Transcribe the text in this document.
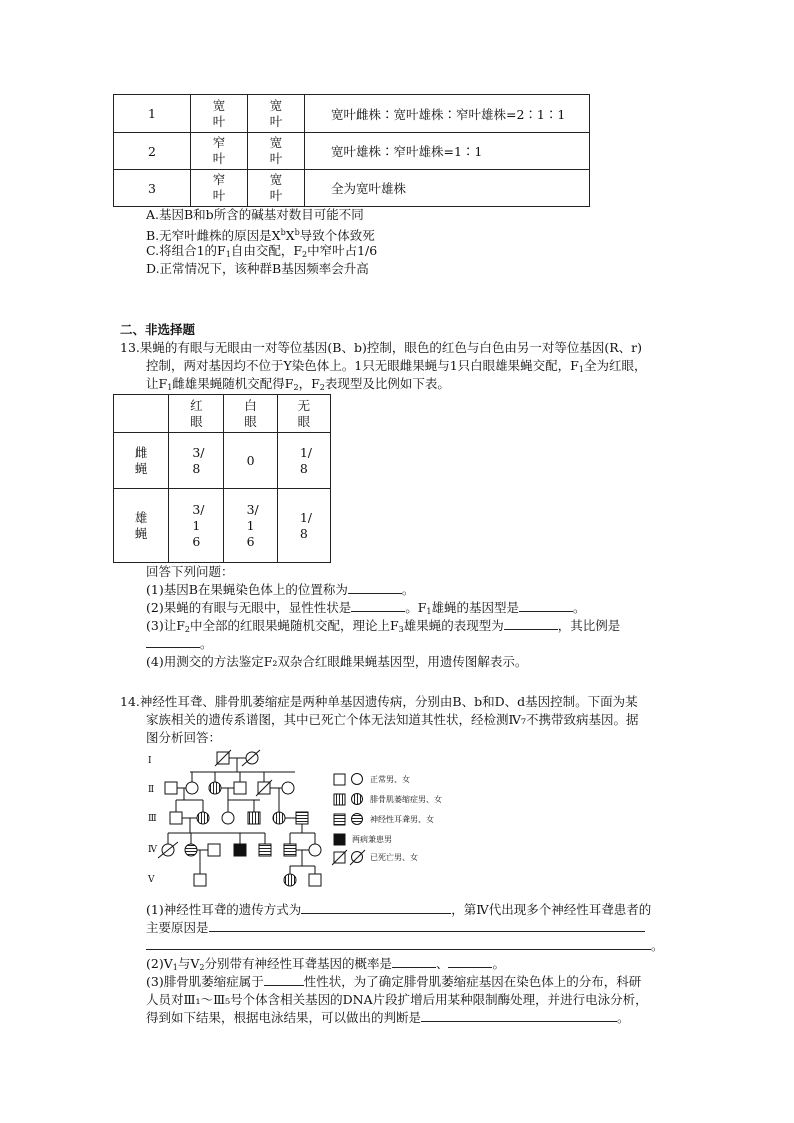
1	宽叶	宽叶	宽叶雌株∶宽叶雄株∶窄叶雄株=2∶1∶1
2	窄叶	宽叶	宽叶雄株∶窄叶雄株=1∶1
3	窄叶	宽叶	全为宽叶雄株
A.基因B和b所含的碱基对数目可能不同
B.无窄叶雌株的原因是$X^bX^b$导致个体致死
C.将组合1的$F_1$自由交配，$F_2$中窄叶占1/6
D.正常情况下，该种群B基因频率会升高
二、非选择题
13.果蝇的有眼与无眼由一对等位基因(B、b)控制，眼色的红色与白色由另一对等位基因(R、r)
控制，两对基因均不位于Y染色体上。1只无眼雌果蝇与1只白眼雄果蝇交配，$F_1$全为红眼，
让$F_1$雌雄果蝇随机交配得$F_2$，$F_2$表现型及比例如下表。

	红眼	白眼	无眼

雌蝇	3/8	0	1/8

雄蝇	3/16	3/16	1/8
回答下列问题：
(1)基因B在果蝇染色体上的位置称为	。
(2)果蝇的有眼与无眼中，显性性状是	。$F_1$雄蝇的基因型是	。
(3)让$F_2$中全部的红眼果蝇随机交配，理论上$F_3$雄果蝇的表现型为	，其比例是
。
(4)用测交的方法鉴定F₂双杂合红眼雌果蝇基因型，用遗传图解表示。
14.神经性耳聋、腓骨肌萎缩症是两种单基因遗传病，分别由B、b和D、d基因控制。下面为某
家族相关的遗传系谱图，其中已死亡个体无法知道其性状，经检测Ⅳ₇不携带致病基因。据
图分析回答：
Ⅰ
Ⅱ
Ⅲ
Ⅳ
Ⅴ
正常男、女
腓骨肌萎缩症男、女
神经性耳聋男、女
两病兼患男
已死亡男、女
(1)神经性耳聋的遗传方式为	，第Ⅳ代出现多个神经性耳聋患者的
主要原因是
。
$(2)Ⅴ_1$与$Ⅴ_2$分别带有神经性耳聋基因的概率是	、	。
(3)腓骨肌萎缩症属于	性性状，为了确定腓骨肌萎缩症基因在染色体上的分布，科研
人员对Ⅲ₁～Ⅲ₅号个体含相关基因的DNA片段扩增后用某种限制酶处理，并进行电泳分析，
得到如下结果，根据电泳结果，可以做出的判断是	。
